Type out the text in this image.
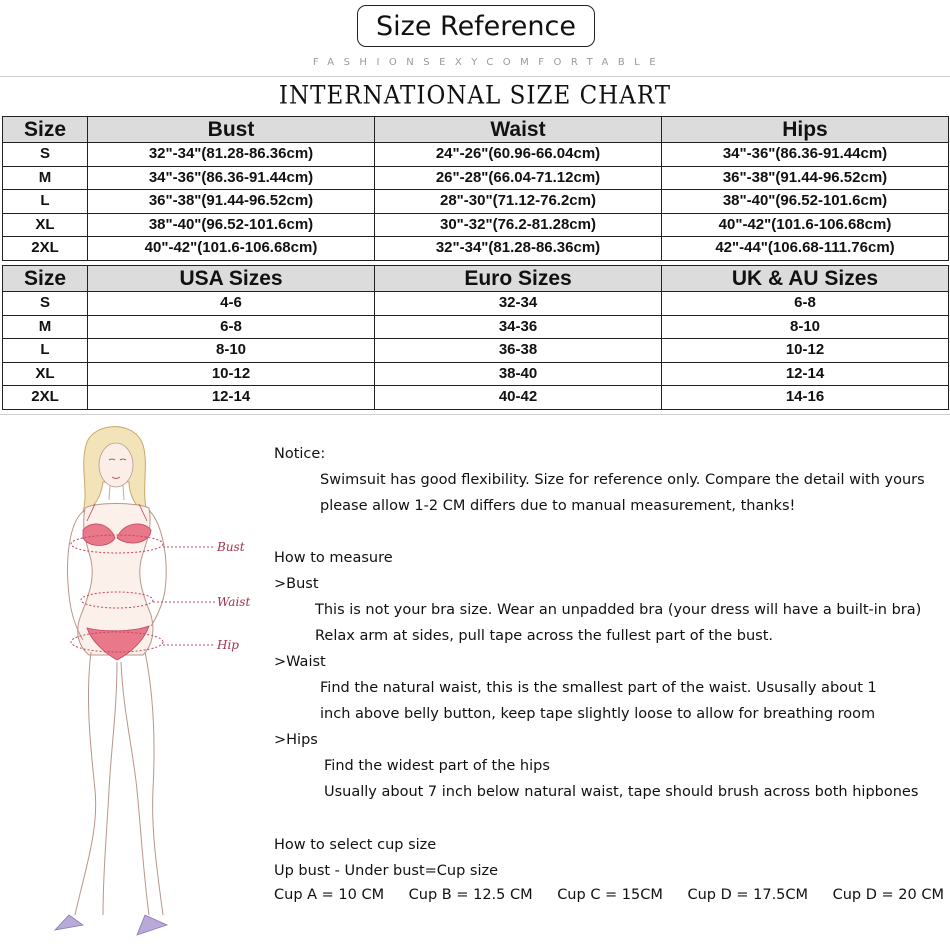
Size Reference
FASHIONSEXYCOMFORTABLE
INTERNATIONAL SIZE CHART
Size	Bust	Waist	Hips
S	32"-34"(81.28-86.36cm)	24"-26"(60.96-66.04cm)	34"-36"(86.36-91.44cm)
M	34"-36"(86.36-91.44cm)	26"-28"(66.04-71.12cm)	36"-38"(91.44-96.52cm)
L	36"-38"(91.44-96.52cm)	28"-30"(71.12-76.2cm)	38"-40"(96.52-101.6cm)
XL	38"-40"(96.52-101.6cm)	30"-32"(76.2-81.28cm)	40"-42"(101.6-106.68cm)
2XL	40"-42"(101.6-106.68cm)	32"-34"(81.28-86.36cm)	42"-44"(106.68-111.76cm)
Size	USA Sizes	Euro Sizes	UK & AU Sizes
S	4-6	32-34	6-8
M	6-8	34-36	8-10
L	8-10	36-38	10-12
XL	10-12	38-40	12-14
2XL	12-14	40-42	14-16
Bust
Waist
Hip
Notice:
Swimsuit has good flexibility. Size for reference only. Compare the detail with yours
please allow 1-2 CM differs due to manual measurement, thanks!
How to measure
>Bust
This is not your bra size. Wear an unpadded bra (your dress will have a built-in bra)
Relax arm at sides, pull tape across the fullest part of the bust.
>Waist
Find the natural waist, this is the smallest part of the waist. Ususally about 1
inch above belly button, keep tape slightly loose to allow for breathing room
>Hips
Find the widest part of the hips
Usually about 7 inch below natural waist, tape should brush across both hipbones
How to select cup size
Up bust - Under bust=Cup size
Cup A = 10 CM Cup B = 12.5 CM Cup C = 15CM Cup D = 17.5CM Cup D = 20 CM
